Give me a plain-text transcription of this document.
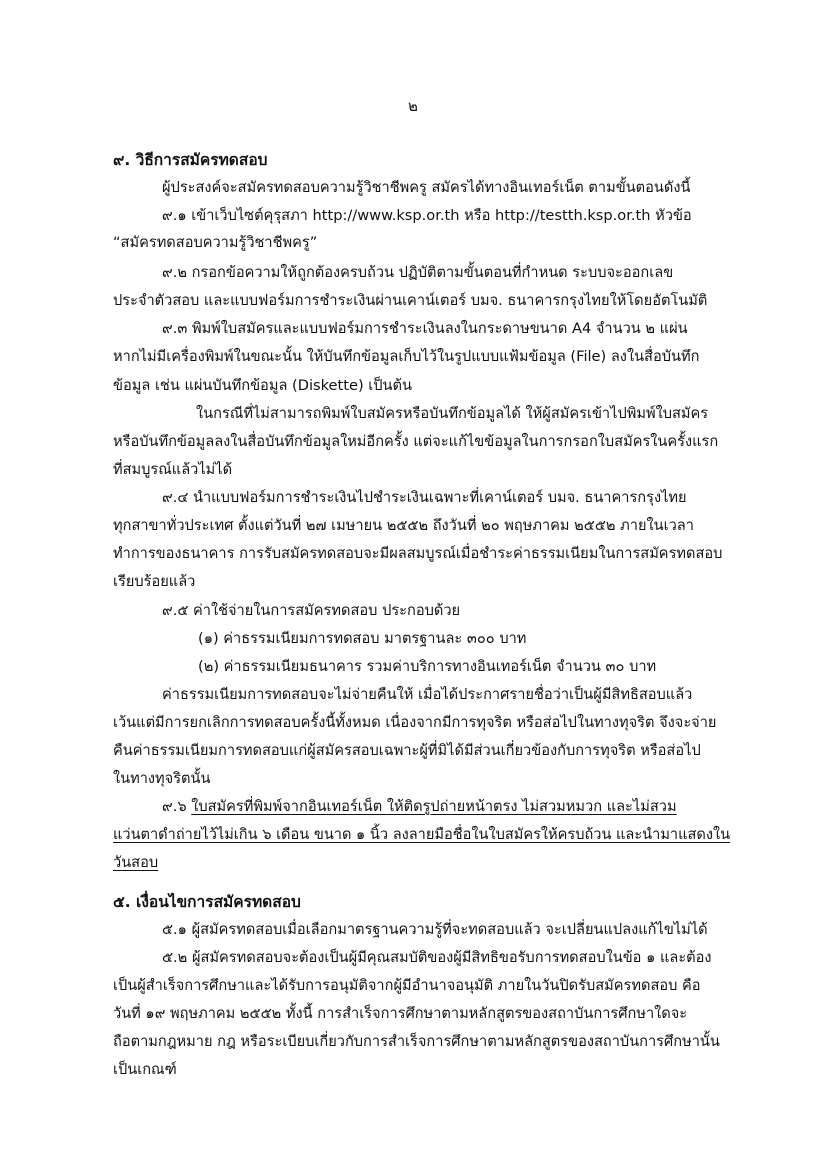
๒
๙. วิธีการสมัครทดสอบ
ผู้ประสงค์จะสมัครทดสอบความรู้วิชาชีพครู สมัครได้ทางอินเทอร์เน็ต ตามขั้นตอนดังนี้
๙.๑ เข้าเว็บไซต์คุรุสภา http://www.ksp.or.th หรือ http://testth.ksp.or.th หัวข้อ
“สมัครทดสอบความรู้วิชาชีพครู”
๙.๒ กรอกข้อความให้ถูกต้องครบถ้วน ปฏิบัติตามขั้นตอนที่กำหนด ระบบจะออกเลข
ประจำตัวสอบ และแบบฟอร์มการชำระเงินผ่านเคาน์เตอร์ บมจ. ธนาคารกรุงไทยให้โดยอัตโนมัติ
๙.๓ พิมพ์ใบสมัครและแบบฟอร์มการชำระเงินลงในกระดาษขนาด A4 จำนวน ๒ แผ่น
หากไม่มีเครื่องพิมพ์ในขณะนั้น ให้บันทึกข้อมูลเก็บไว้ในรูปแบบแฟ้มข้อมูล (File) ลงในสื่อบันทึก
ข้อมูล เช่น แผ่นบันทึกข้อมูล (Diskette) เป็นต้น
ในกรณีที่ไม่สามารถพิมพ์ใบสมัครหรือบันทึกข้อมูลได้ ให้ผู้สมัครเข้าไปพิมพ์ใบสมัคร
หรือบันทึกข้อมูลลงในสื่อบันทึกข้อมูลใหม่อีกครั้ง แต่จะแก้ไขข้อมูลในการกรอกใบสมัครในครั้งแรก
ที่สมบูรณ์แล้วไม่ได้
๙.๔ นำแบบฟอร์มการชำระเงินไปชำระเงินเฉพาะที่เคาน์เตอร์ บมจ. ธนาคารกรุงไทย
ทุกสาขาทั่วประเทศ ตั้งแต่วันที่ ๒๗ เมษายน ๒๕๕๒ ถึงวันที่ ๒๐ พฤษภาคม ๒๕๕๒ ภายในเวลา
ทำการของธนาคาร การรับสมัครทดสอบจะมีผลสมบูรณ์เมื่อชำระค่าธรรมเนียมในการสมัครทดสอบ
เรียบร้อยแล้ว
๙.๕ ค่าใช้จ่ายในการสมัครทดสอบ ประกอบด้วย
(๑) ค่าธรรมเนียมการทดสอบ มาตรฐานละ ๓๐๐ บาท
(๒) ค่าธรรมเนียมธนาคาร รวมค่าบริการทางอินเทอร์เน็ต จำนวน ๓๐ บาท
ค่าธรรมเนียมการทดสอบจะไม่จ่ายคืนให้ เมื่อได้ประกาศรายชื่อว่าเป็นผู้มีสิทธิสอบแล้ว
เว้นแต่มีการยกเลิกการทดสอบครั้งนี้ทั้งหมด เนื่องจากมีการทุจริต หรือส่อไปในทางทุจริต จึงจะจ่าย
คืนค่าธรรมเนียมการทดสอบแก่ผู้สมัครสอบเฉพาะผู้ที่มิได้มีส่วนเกี่ยวข้องกับการทุจริต หรือส่อไป
ในทางทุจริตนั้น
๙.๖ ใบสมัครที่พิมพ์จากอินเทอร์เน็ต ให้ติดรูปถ่ายหน้าตรง ไม่สวมหมวก และไม่สวม
แว่นตาดำถ่ายไว้ไม่เกิน ๖ เดือน ขนาด ๑ นิ้ว ลงลายมือชื่อในใบสมัครให้ครบถ้วน และนำมาแสดงใน
วันสอบ
๕. เงื่อนไขการสมัครทดสอบ
๕.๑ ผู้สมัครทดสอบเมื่อเลือกมาตรฐานความรู้ที่จะทดสอบแล้ว จะเปลี่ยนแปลงแก้ไขไม่ได้
๕.๒ ผู้สมัครทดสอบจะต้องเป็นผู้มีคุณสมบัติของผู้มีสิทธิขอรับการทดสอบในข้อ ๑ และต้อง
เป็นผู้สำเร็จการศึกษาและได้รับการอนุมัติจากผู้มีอำนาจอนุมัติ ภายในวันปิดรับสมัครทดสอบ คือ
วันที่ ๑๙ พฤษภาคม ๒๕๕๒ ทั้งนี้ การสำเร็จการศึกษาตามหลักสูตรของสถาบันการศึกษาใดจะ
ถือตามกฎหมาย กฎ หรือระเบียบเกี่ยวกับการสำเร็จการศึกษาตามหลักสูตรของสถาบันการศึกษานั้น
เป็นเกณฑ์
